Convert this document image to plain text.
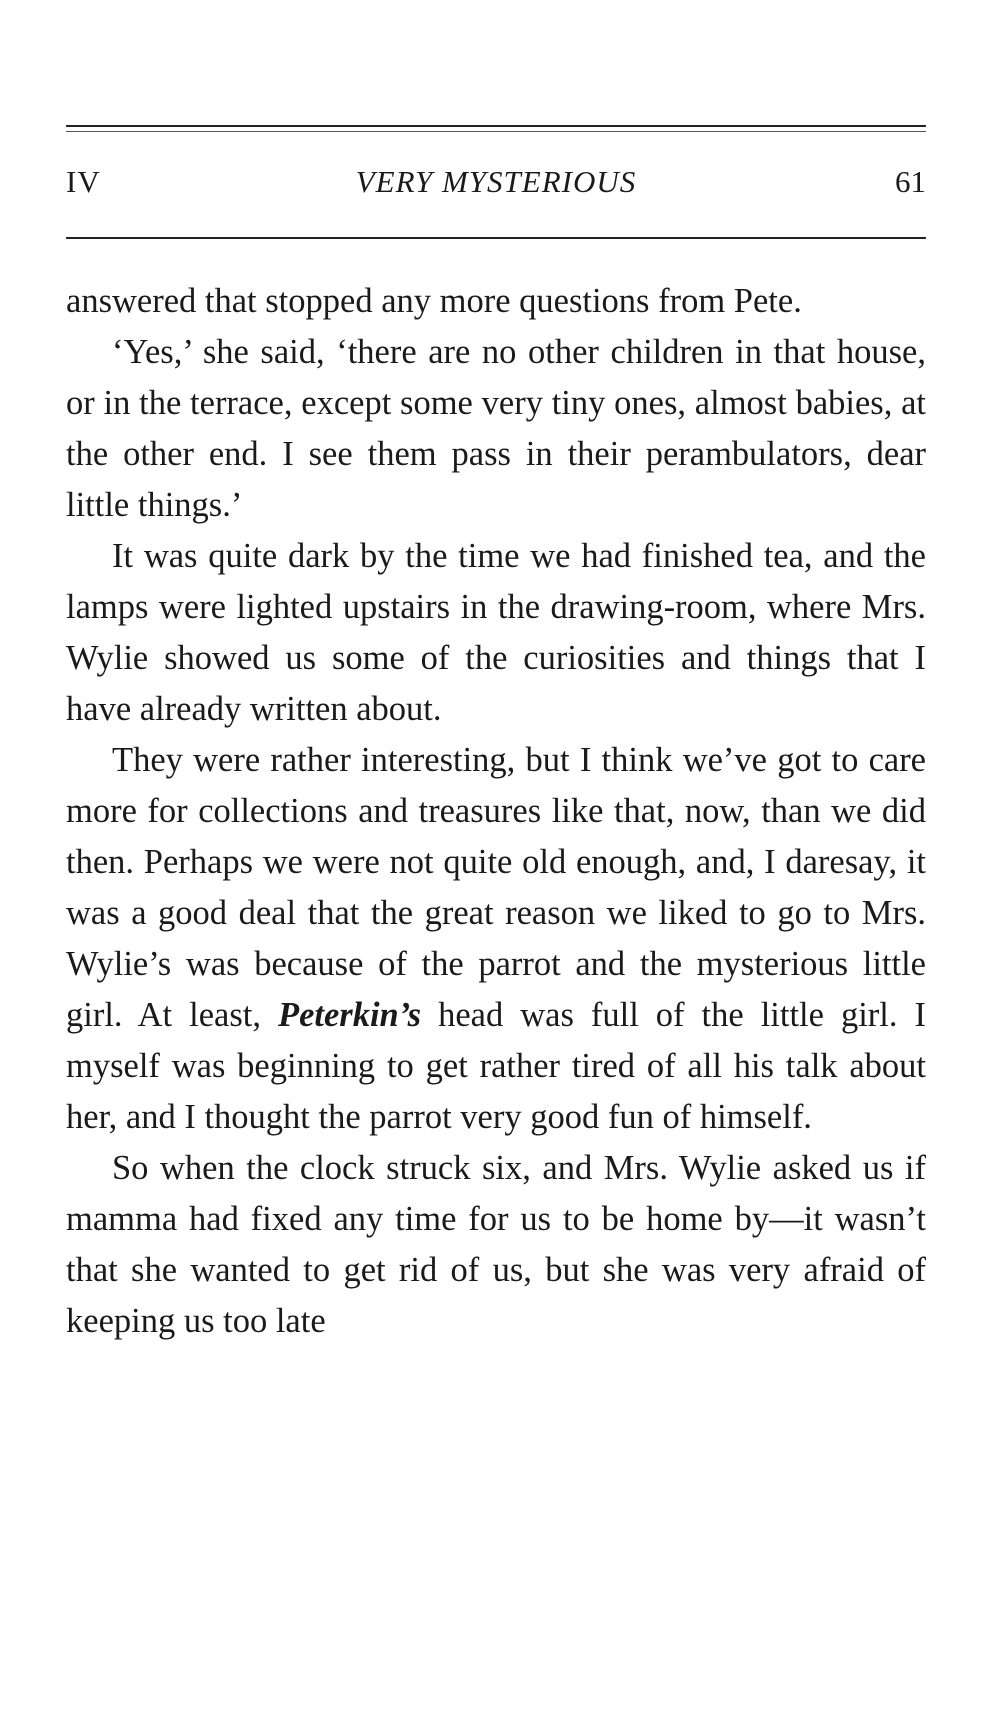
IV	VERY MYSTERIOUS	61

answered that stopped any more questions from Pete.

‘Yes,’ she said, ‘there are no other children in that house, or in the terrace, except some very tiny ones, almost babies, at the other end. I see them pass in their perambulators, dear little things.’

It was quite dark by the time we had finished tea, and the lamps were lighted upstairs in the drawing-room, where Mrs. Wylie showed us some of the curiosities and things that I have already written about.

They were rather interesting, but I think we’ve got to care more for collections and treasures like that, now, than we did then. Perhaps we were not quite old enough, and, I daresay, it was a good deal that the great reason we liked to go to Mrs. Wylie’s was because of the parrot and the mysterious little girl. At least, Peterkin’s head was full of the little girl. I myself was beginning to get rather tired of all his talk about her, and I thought the parrot very good fun of himself.

So when the clock struck six, and Mrs. Wylie asked us if mamma had fixed any time for us to be home by—it wasn’t that she wanted to get rid of us, but she was very afraid of keeping us too late
